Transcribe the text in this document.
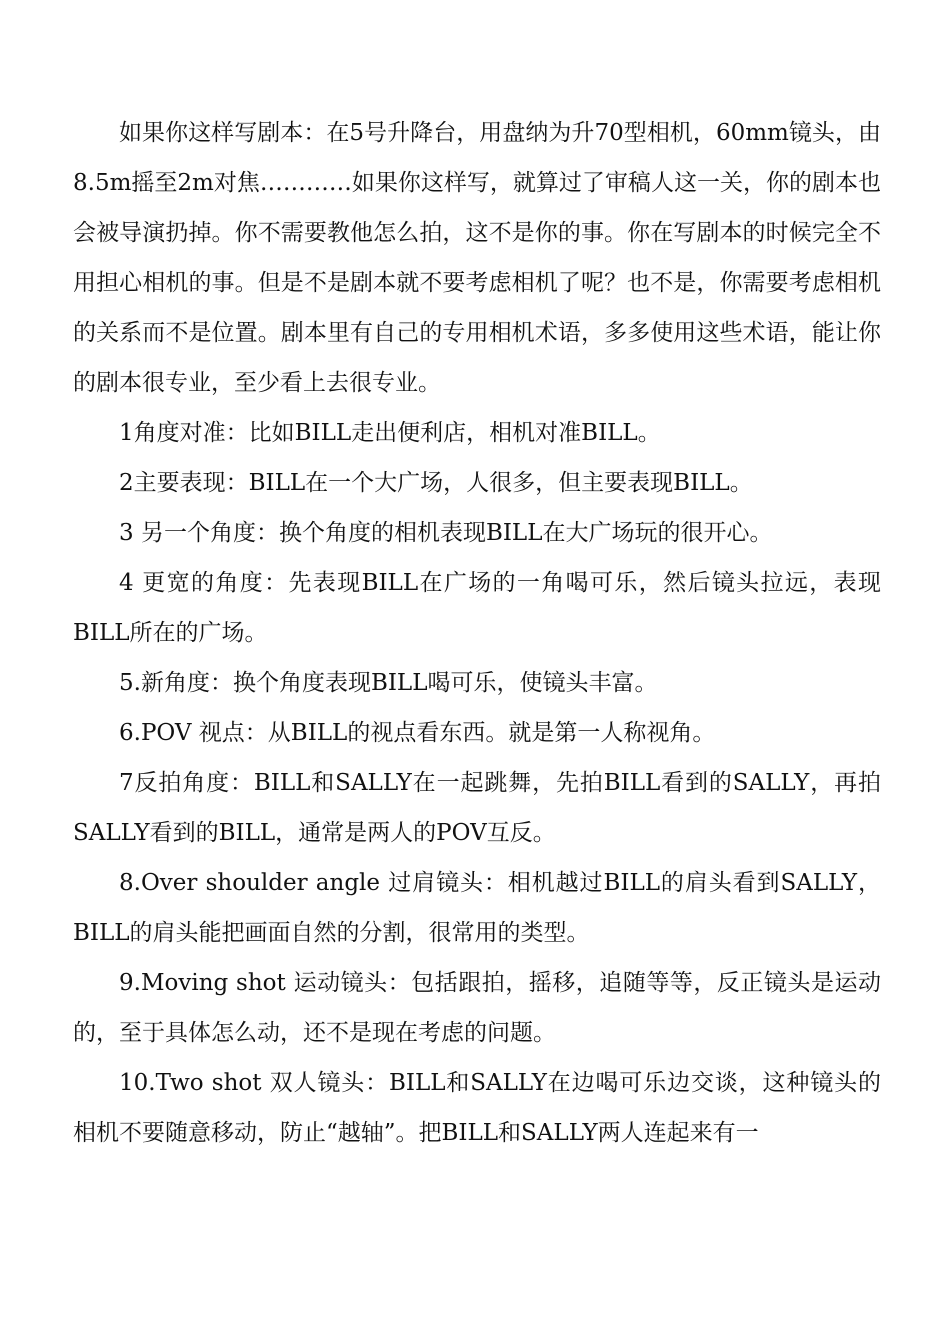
如果你这样写剧本：在5号升降台，用盘纳为升70型相机，60mm镜头，由8.5m摇至2m对焦…………如果你这样写，就算过了审稿人这一关，你的剧本也会被导演扔掉。你不需要教他怎么拍，这不是你的事。你在写剧本的时候完全不用担心相机的事。但是不是剧本就不要考虑相机了呢？也不是，你需要考虑相机的关系而不是位置。剧本里有自己的专用相机术语，多多使用这些术语，能让你的剧本很专业，至少看上去很专业。

1角度对准：比如BILL走出便利店，相机对准BILL。

2主要表现：BILL在一个大广场，人很多，但主要表现BILL。

3 另一个角度：换个角度的相机表现BILL在大广场玩的很开心。

4 更宽的角度：先表现BILL在广场的一角喝可乐，然后镜头拉远，表现BILL所在的广场。

5.新角度：换个角度表现BILL喝可乐，使镜头丰富。

6.POV 视点：从BILL的视点看东西。就是第一人称视角。

7反拍角度：BILL和SALLY在一起跳舞，先拍BILL看到的SALLY，再拍SALLY看到的BILL，通常是两人的POV互反。

8.Over shoulder angle 过肩镜头：相机越过BILL的肩头看到SALLY，BILL的肩头能把画面自然的分割，很常用的类型。

9.Moving shot 运动镜头：包括跟拍，摇移，追随等等，反正镜头是运动的，至于具体怎么动，还不是现在考虑的问题。

10.Two shot 双人镜头：BILL和SALLY在边喝可乐边交谈，这种镜头的相机不要随意移动，防止“越轴”。把BILL和SALLY两人连起来有一
